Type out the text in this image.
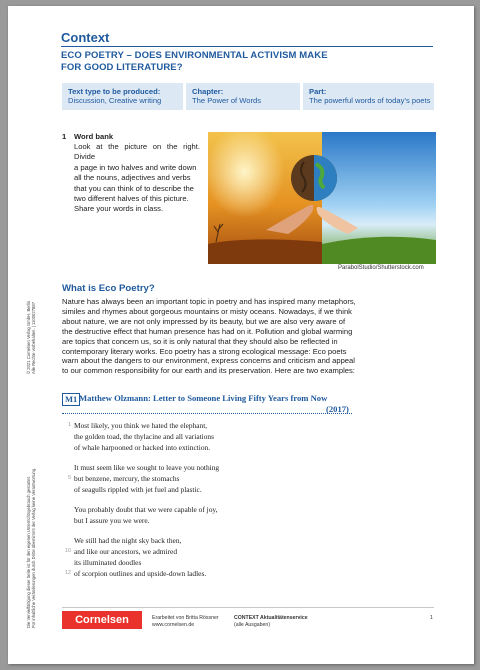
Context
ECO POETRY – DOES ENVIRONMENTAL ACTIVISM MAKE
FOR GOOD LITERATURE?
Text type to be produced:
Discussion, Creative writing
Chapter:
The Power of Words
Part:
The powerful words of today’s poets
1 Word bank
Look at the picture on the right. Divide
a page in two halves and write down
all the nouns, adjectives and verbs
that you can think of to describe the
two different halves of this picture.
Share your words in class.
ParabolStudio/Shutterstock.com
What is Eco Poetry?
Nature has always been an important topic in poetry and has inspired many metaphors,
similes and rhymes about gorgeous mountains or misty oceans. Nowadays, if we think
about nature, we are not only impressed by its beauty, but we are also very aware of
the destructive effect that human presence has had on it. Pollution and global warming
are topics that concern us, so it is only natural that they should also be reflected in
contemporary literary works. Eco poetry has a strong ecological message: Eco poets
warn about the dangers to our environment, express concerns and criticism and appeal
to our common responsibility for our earth and its preservation. Here are two examples:
M1 Matthew Olzmann: Letter to Someone Living Fifty Years from Now
(2017)
1 Most likely, you think we hated the elephant,
the golden toad, the thylacine and all variations
of whale harpooned or hacked into extinction.
It must seem like we sought to leave you nothing
5 but benzene, mercury, the stomachs
of seagulls rippled with jet fuel and plastic.
You probably doubt that we were capable of joy,
but I assure you we were.
We still had the night sky back then,
10 and like our ancestors, we admired
its illuminated doodles
12 of scorpion outlines and upside-down ladles.
© 2021 Cornelsen Verlag GmbH, Berlin Alle Rechte vorbehalten. | 1100027887
Die Vervielfältigung dieser Seite ist für den eigenen Unterrichtsgebrauch gestattet. Für inhaltliche Veränderungen durch Dritte übernimmt der Verlag keine Verantwortung.	Cornelsen	Erarbeitet von Britta Rössner
www.cornelsen.de
CONTEXT Aktualitätenservice
(alle Ausgaben)
1
